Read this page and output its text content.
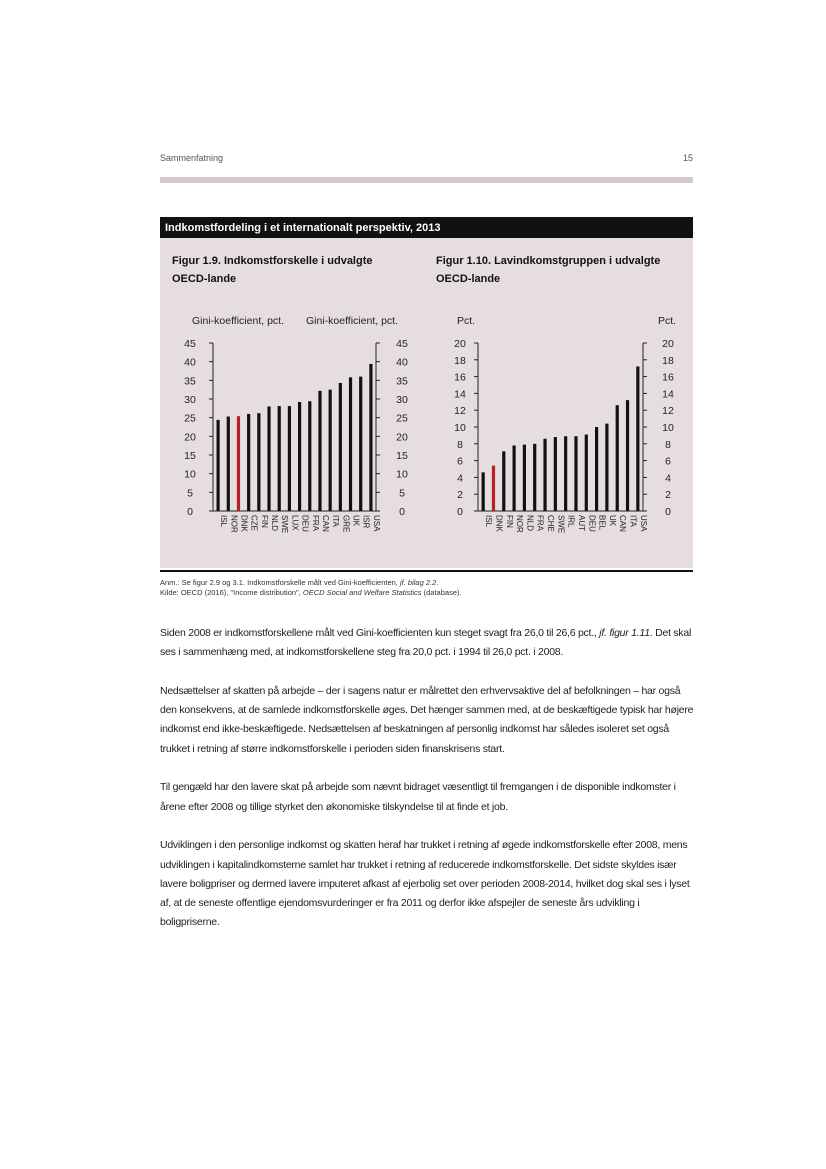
Sammenfatning	15
Indkomstfordeling i et internationalt perspektiv, 2013
Figur 1.9. Indkomstforskelle i udvalgte
OECD-lande
Figur 1.10. Lavindkomstgruppen i udvalgte
OECD-lande
Gini-koefficient, pct. Gini-koefficient, pct.
0	0
5	5
10	10
15	15
20	20
25	25
30	30
35	35
40	40
45	45
ISL NOR DNK CZE FIN NLD SWE LUX DEU FRA CAN ITA GRE UK ISR USA
Pct.	Pct.
0	0
2	2
4	4
6	6
8	8
10	10
12	12
14	14
16	16
18	18
20	20
ISL DNK FIN NOR NLD FRA CHE SWE IRL AUT DEU BEL UK CAN ITA USA
Anm.: Se figur 2.9 og 3.1. Indkomstforskelle målt ved Gini-koefficienten, jf. bilag 2.2.
Kilde: OECD (2016), "Income distribution", OECD Social and Welfare Statistics (database).

Siden 2008 er indkomstforskellene målt ved Gini-koefficienten kun steget svagt fra 26,0 til 26,6 pct., jf. figur 1.11. Det skal ses i sammenhæng med, at indkomstforskellene steg fra 20,0 pct. i 1994 til 26,0 pct. i 2008.

Nedsættelser af skatten på arbejde – der i sagens natur er målrettet den erhvervsaktive del af befolkningen – har også den konsekvens, at de samlede indkomstforskelle øges. Det hænger sammen med, at de beskæftigede typisk har højere indkomst end ikke-beskæftigede. Nedsættelsen af beskatningen af personlig indkomst har således isoleret set også trukket i retning af større indkomstforskelle i perioden siden finanskrisens start.

Til gengæld har den lavere skat på arbejde som nævnt bidraget væsentligt til fremgangen i de disponible indkomster i årene efter 2008 og tillige styrket den økonomiske tilskyndelse til at finde et job.

Udviklingen i den personlige indkomst og skatten heraf har trukket i retning af øgede indkomstforskelle efter 2008, mens udviklingen i kapitalindkomsterne samlet har trukket i retning af reducerede indkomstforskelle. Det sidste skyldes især lavere boligpriser og dermed lavere imputeret afkast af ejerbolig set over perioden 2008-2014, hvilket dog skal ses i lyset af, at de seneste offentlige ejendomsvurderinger er fra 2011 og derfor ikke afspejler de seneste års udvikling i boligpriserne.
